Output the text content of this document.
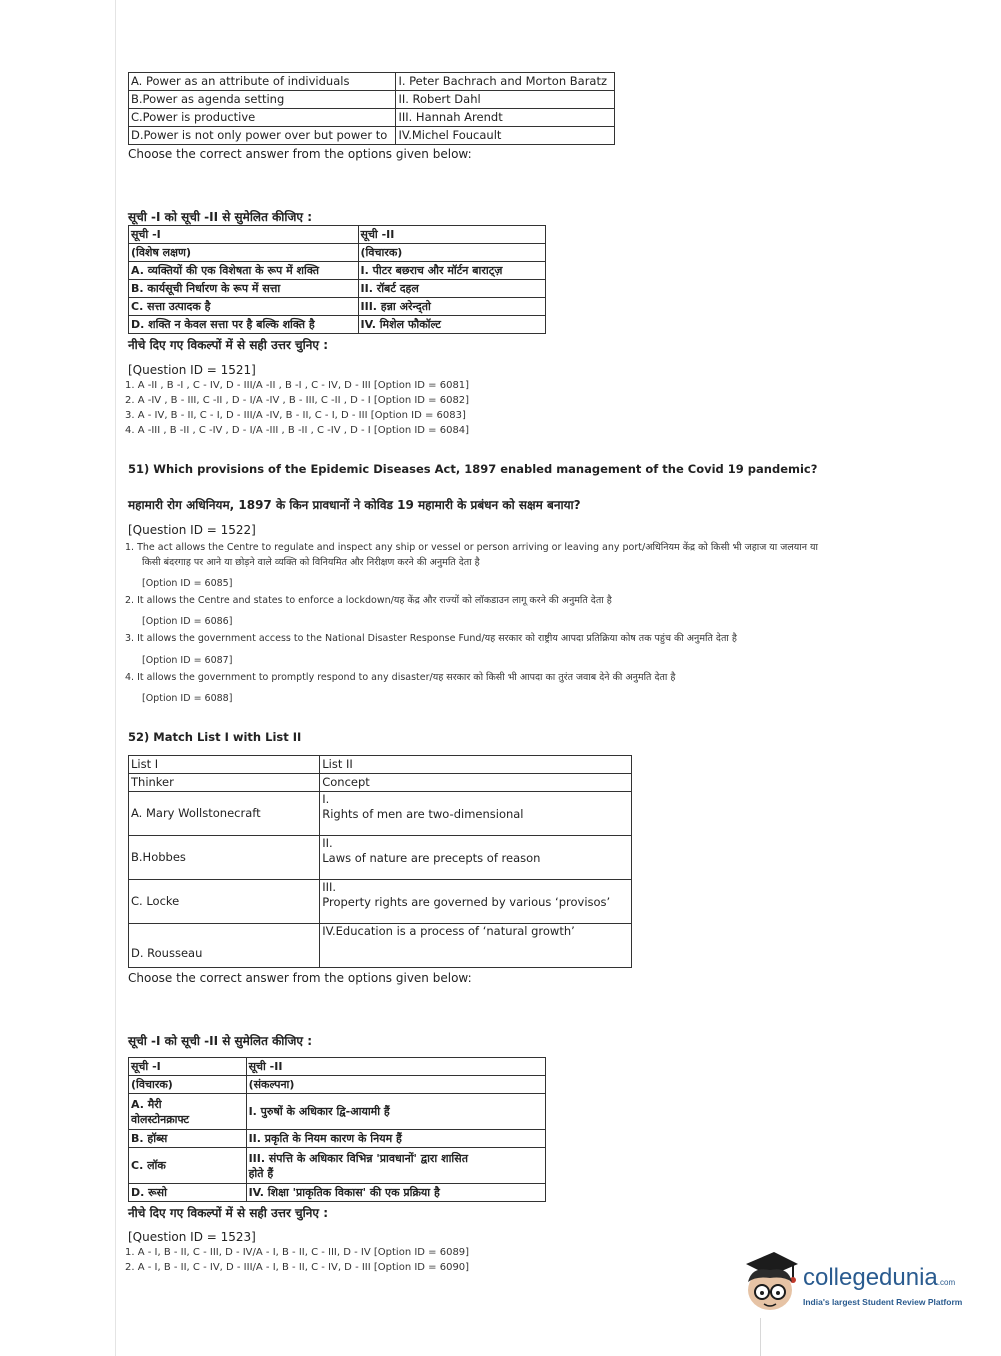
A. Power as an attribute of individuals	I. Peter Bachrach and Morton Baratz
B.Power as agenda setting	II. Robert Dahl
C.Power is productive	III. Hannah Arendt
D.Power is not only power over but power to	IV.Michel Foucault
Choose the correct answer from the options given below:
सूची -I को सूची -II से सुमेलित कीजिए :
सूची -I	सूची -II
(विशेष लक्षण)	(विचारक)
A. व्यक्तियों की एक विशेषता के रूप में शक्ति	I. पीटर बछराच और मॉर्टन बाराट्ज़
B. कार्यसूची निर्धारण के रूप में सत्ता	II. रॉबर्ट दहल
C. सत्ता उत्पादक है	III. हन्ना अरेन्द्तो
D. शक्ति न केवल सत्ता पर है बल्कि शक्ति है	IV. मिशेल फौकॉल्ट
नीचे दिए गए विकल्पों में से सही उत्तर चुनिए :
[Question ID = 1521]
1. A -II , B -I , C - IV, D - III/A -II , B -I , C - IV, D - III [Option ID = 6081]
2. A -IV , B - III, C -II , D - I/A -IV , B - III, C -II , D - I [Option ID = 6082]
3. A - IV, B - II, C - I, D - III/A -IV, B - II, C - I, D - III [Option ID = 6083]
4. A -III , B -II , C -IV , D - I/A -III , B -II , C -IV , D - I [Option ID = 6084]
51) Which provisions of the Epidemic Diseases Act, 1897 enabled management of the Covid 19 pandemic?
महामारी रोग अधिनियम, 1897 के किन प्रावधानों ने कोविड 19 महामारी के प्रबंधन को सक्षम बनाया?
[Question ID = 1522]
1. The act allows the Centre to regulate and inspect any ship or vessel or person arriving or leaving any port/अधिनियम केंद्र को किसी भी जहाज या जलयान या
किसी बंदरगाह पर आने या छोड़ने वाले व्यक्ति को विनियमित और निरीक्षण करने की अनुमति देता है
[Option ID = 6085]
2. It allows the Centre and states to enforce a lockdown/यह केंद्र और राज्यों को लॉकडाउन लागू करने की अनुमति देता है
[Option ID = 6086]
3. It allows the government access to the National Disaster Response Fund/यह सरकार को राष्ट्रीय आपदा प्रतिक्रिया कोष तक पहुंच की अनुमति देता है
[Option ID = 6087]
4. It allows the government to promptly respond to any disaster/यह सरकार को किसी भी आपदा का तुरंत जवाब देने की अनुमति देता है
[Option ID = 6088]
52) Match List I with List II
List I	List II
Thinker	Concept
A. Mary Wollstonecraft	I.
Rights of men are two-dimensional

B.Hobbes	II.
Laws of nature are precepts of reason

C. Locke	III.
Property rights are governed by various ‘provisos’

D. Rousseau	IV.Education is a process of ‘natural growth’
Choose the correct answer from the options given below:
सूची -I को सूची -II से सुमेलित कीजिए :
सूची -I	सूची -II
(विचारक)	(संकल्पना)

A. मैरी
वोलस्टोनक्राफ्ट	I. पुरुषों के अधिकार द्वि-आयामी हैं
B. हॉब्स	II. प्रकृति के नियम कारण के नियम हैं
C. लॉक	III. संपत्ति के अधिकार विभिन्न 'प्रावधानों' द्वारा शासित
होते हैं

D. रूसो	IV. शिक्षा 'प्राकृतिक विकास' की एक प्रक्रिया है
नीचे दिए गए विकल्पों में से सही उत्तर चुनिए :
[Question ID = 1523]
1. A - I, B - II, C - III, D - IV/A - I, B - II, C - III, D - IV [Option ID = 6089]
2. A - I, B - II, C - IV, D - III/A - I, B - II, C - IV, D - III [Option ID = 6090]	collegedunia.com
India's largest Student Review Platform
